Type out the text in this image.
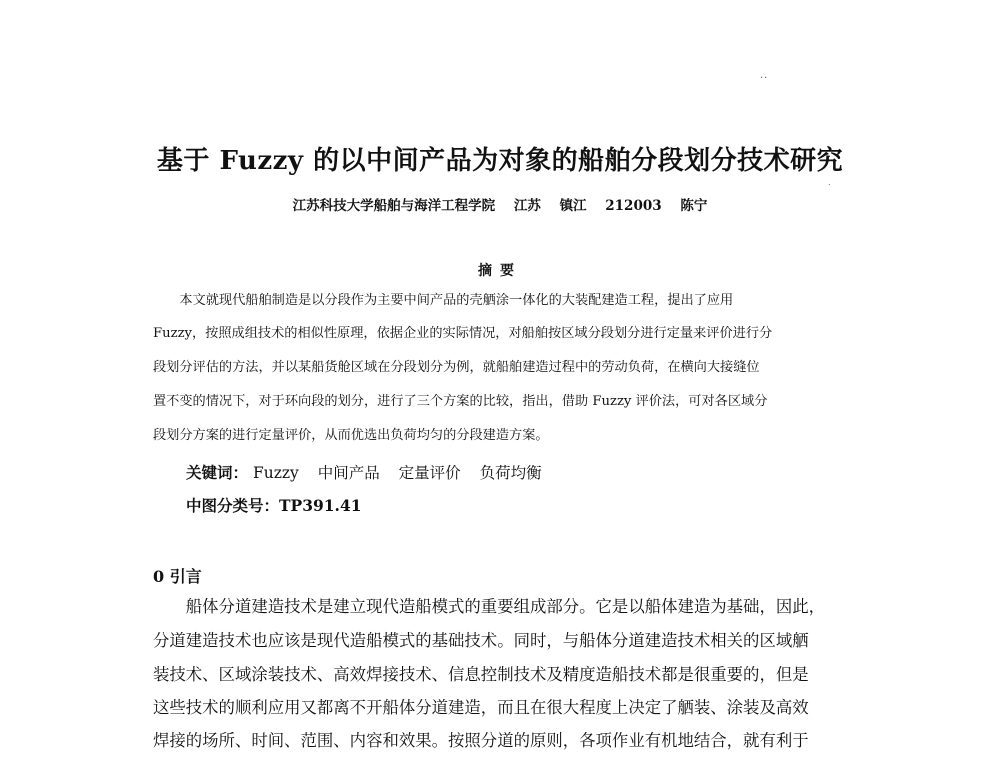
..
.
基于 Fuzzy 的以中间产品为对象的船舶分段划分技术研究
江苏科技大学船舶与海洋工程学院 江苏 镇江 212003 陈宁
摘要
　　本文就现代船舶制造是以分段作为主要中间产品的壳舾涂一体化的大装配建造工程，提出了应用
Fuzzy，按照成组技术的相似性原理，依据企业的实际情况，对船舶按区域分段划分进行定量来评价进行分
段划分评估的方法，并以某船货舱区域在分段划分为例，就船舶建造过程中的劳动负荷，在横向大接缝位
置不变的情况下，对于环向段的划分，进行了三个方案的比较，指出，借助 Fuzzy 评价法，可对各区域分
段划分方案的进行定量评价，从而优选出负荷均匀的分段建造方案。
关键词： Fuzzy 中间产品 定量评价 负荷均衡
中图分类号：TP391.41
0 引言
　　船体分道建造技术是建立现代造船模式的重要组成部分。它是以船体建造为基础，因此，
分道建造技术也应该是现代造船模式的基础技术。同时，与船体分道建造技术相关的区域舾
装技术、区域涂装技术、高效焊接技术、信息控制技术及精度造船技术都是很重要的，但是
这些技术的顺利应用又都离不开船体分道建造，而且在很大程度上决定了舾装、涂装及高效
焊接的场所、时间、范围、内容和效果。按照分道的原则，各项作业有机地结合，就有利于
